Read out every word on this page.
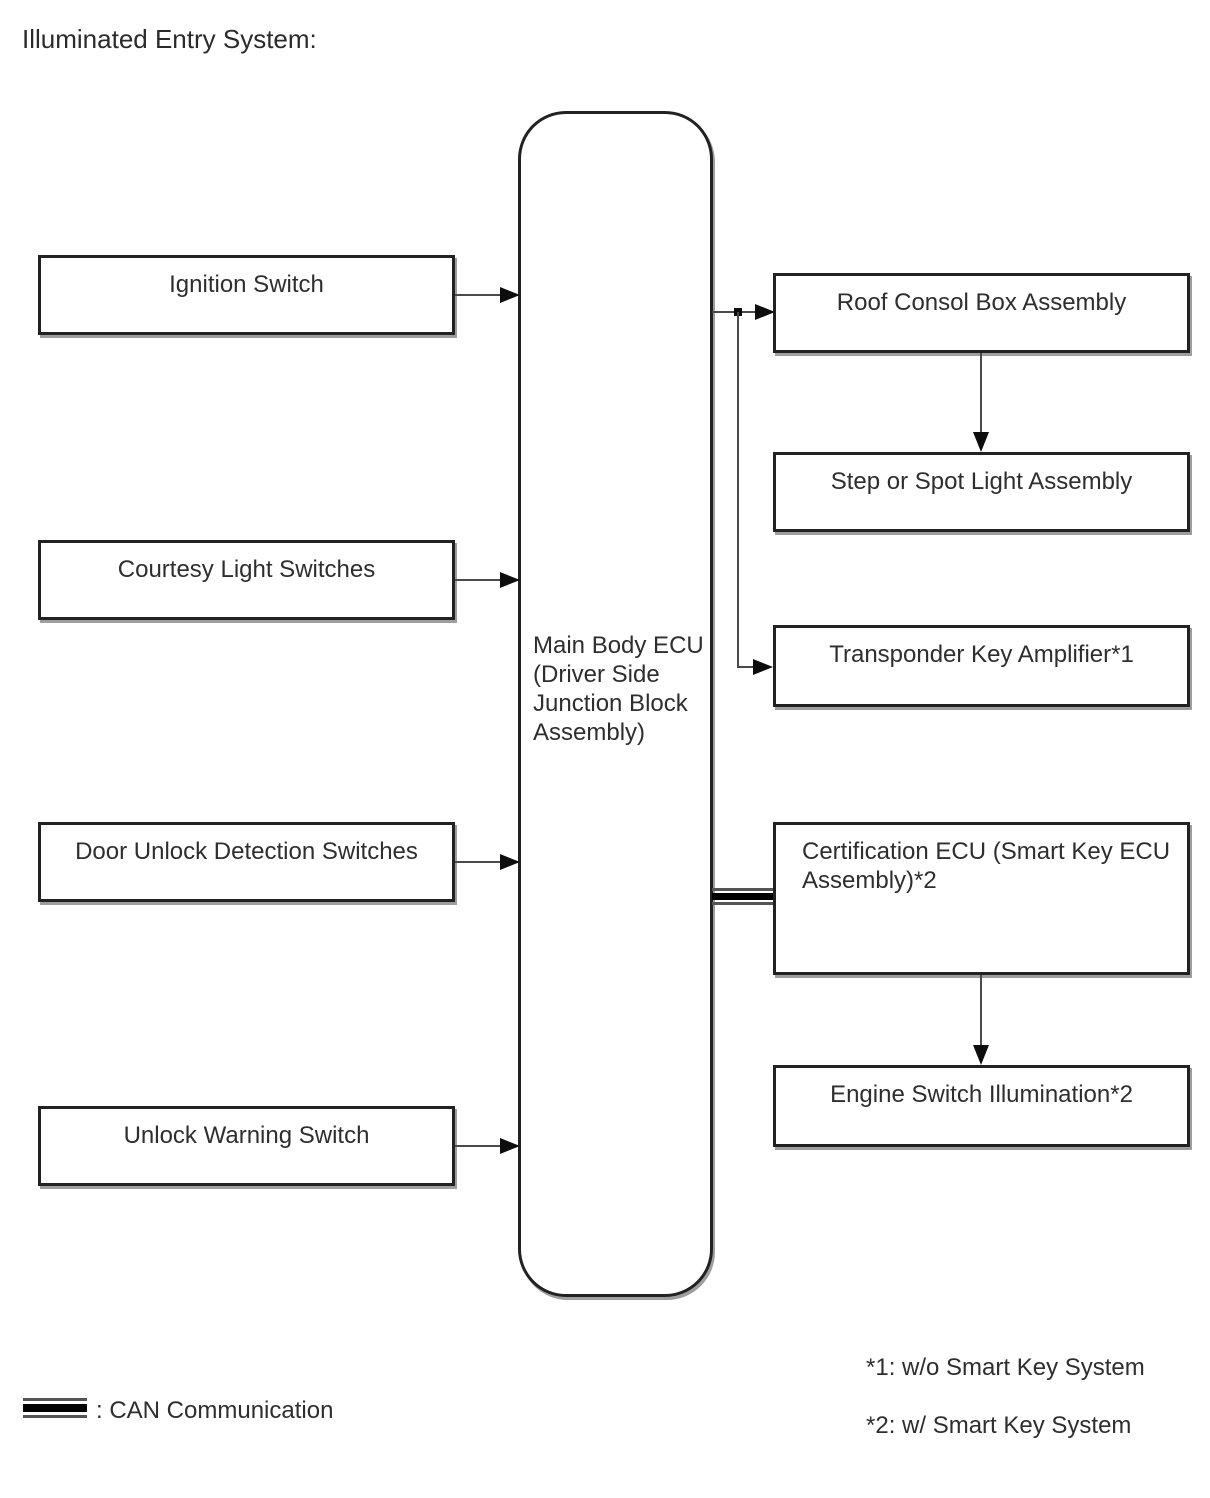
Illuminated Entry System:
Main Body ECU (Driver Side Junction Block Assembly)
Ignition Switch
Courtesy Light Switches
Door Unlock Detection Switches
Unlock Warning Switch
Roof Consol Box Assembly
Step or Spot Light Assembly
Transponder Key Amplifier*1
Certification ECU (Smart Key ECU Assembly)*2
Engine Switch Illumination*2
: CAN Communication
*1: w/o Smart Key System
*2: w/ Smart Key System
